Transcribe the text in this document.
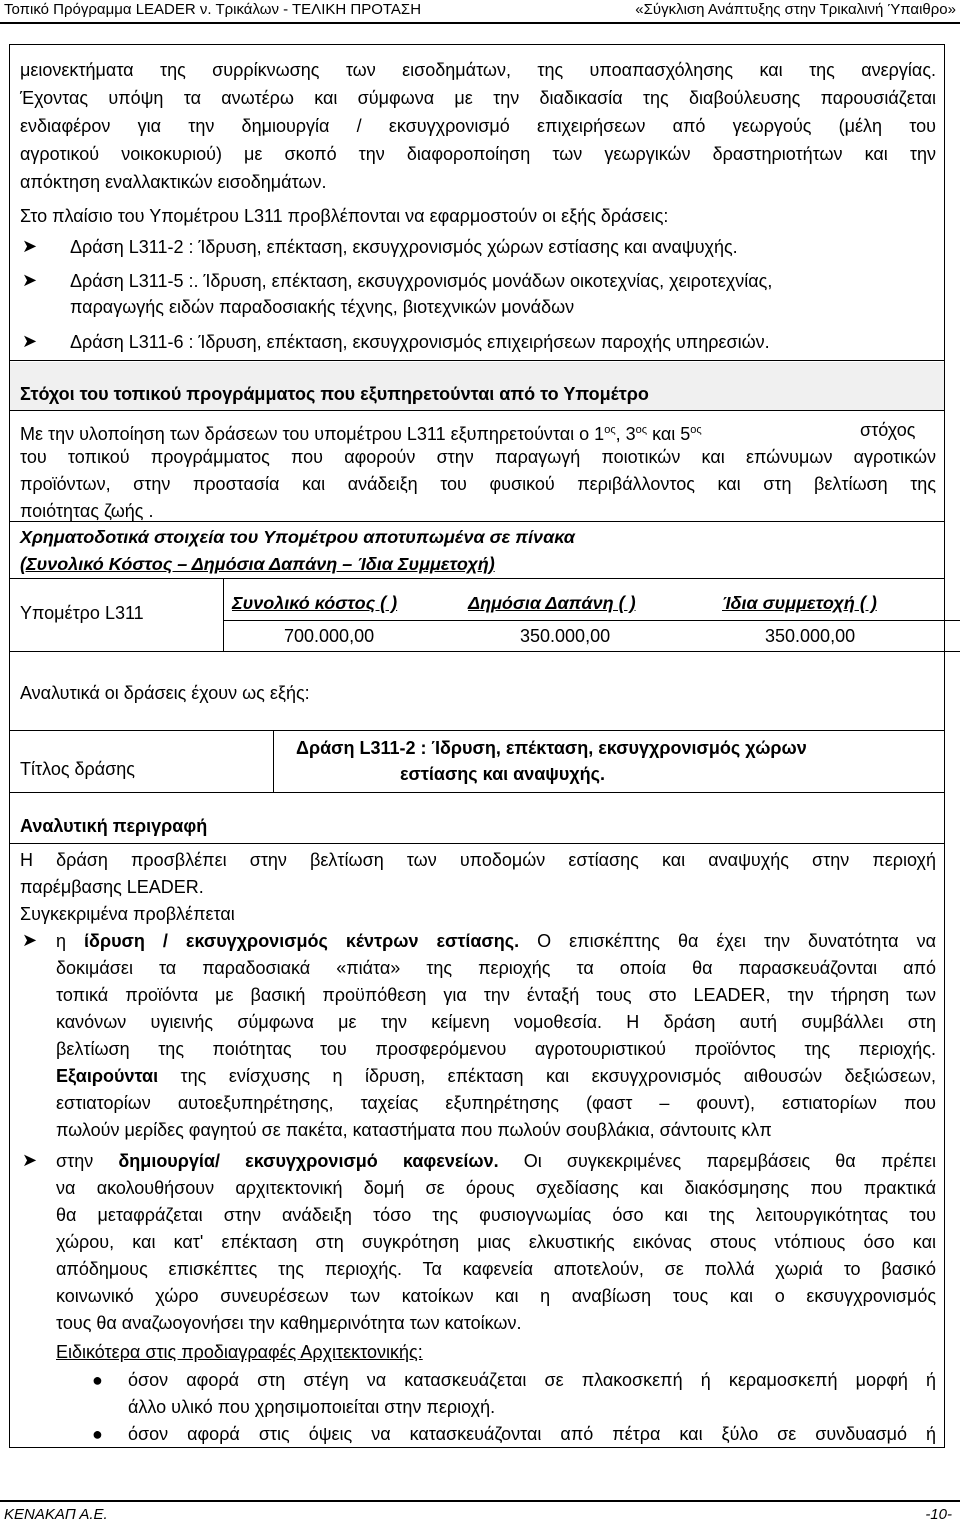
Τοπικό Πρόγραμμα LEADER ν. Τρικάλων - ΤΕΛΙΚΗ ΠΡΟΤΑΣΗ	«Σύγκλιση Ανάπτυξης στην Τρικαλινή Ύπαιθρο»
μειονεκτήματα της συρρίκνωσης των εισοδημάτων, της υποαπασχόλησης και της ανεργίας.
Έχοντας υπόψη τα ανωτέρω και σύμφωνα με την διαδικασία της διαβούλευσης παρουσιάζεται
ενδιαφέρον για την δημιουργία / εκσυγχρονισμό επιχειρήσεων από γεωργούς (μέλη του
αγροτικού νοικοκυριού) με σκοπό την διαφοροποίηση των γεωργικών δραστηριοτήτων και την
απόκτηση εναλλακτικών εισοδημάτων.
Στο πλαίσιο του Υπομέτρου L311 προβλέπονται να εφαρμοστούν οι εξής δράσεις:
➤ Δράση L311-2 : Ίδρυση, επέκταση, εκσυγχρονισμός χώρων εστίασης και αναψυχής.
➤ Δράση L311-5 :. Ίδρυση, επέκταση, εκσυγχρονισμός μονάδων οικοτεχνίας, χειροτεχνίας,
παραγωγής ειδών παραδοσιακής τέχνης, βιοτεχνικών μονάδων
➤ Δράση L311-6 : Ίδρυση, επέκταση, εκσυγχρονισμός επιχειρήσεων παροχής υπηρεσιών.
Στόχοι του τοπικού προγράμματος που εξυπηρετούνται από το Υπομέτρο
Με την υλοποίηση των δράσεων του υπομέτρου L311 εξυπηρετούνται ο $1^{o\varsigma}$, $3^{o\varsigma}$ και $5^{o\varsigma}$	στόχος
του τοπικού προγράμματος που αφορούν στην παραγωγή ποιοτικών και επώνυμων αγροτικών
προϊόντων, στην προστασία και ανάδειξη του φυσικού περιβάλλοντος και στη βελτίωση της
ποιότητας ζωής .
Χρηματοδοτικά στοιχεία του Υπομέτρου αποτυπωμένα σε πίνακα
(Συνολικό Κόστος – Δημόσια Δαπάνη – Ίδια Συμμετοχή)
Υπομέτρο L311	Συνολικό κόστος ( )	Δημόσια Δαπάνη ( )	Ίδια συμμετοχή ( )
700.000,00	350.000,00	350.000,00
Αναλυτικά οι δράσεις έχουν ως εξής:
Τίτλος δράσης
Δράση L311-2 : Ίδρυση, επέκταση, εκσυγχρονισμός χώρων
εστίασης και αναψυχής.
Αναλυτική περιγραφή
Η δράση προσβλέπει στην βελτίωση των υποδομών εστίασης και αναψυχής στην περιοχή
παρέμβασης LEADER.
Συγκεκριμένα προβλέπεται
➤ η ίδρυση / εκσυγχρονισμός κέντρων εστίασης. Ο επισκέπτης θα έχει την δυνατότητα να
δοκιμάσει τα παραδοσιακά «πιάτα» της περιοχής τα οποία θα παρασκευάζονται από
τοπικά προϊόντα με βασική προϋπόθεση για την ένταξή τους στο LEADER, την τήρηση των
κανόνων υγιεινής σύμφωνα με την κείμενη νομοθεσία. Η δράση αυτή συμβάλλει στη
βελτίωση της ποιότητας του προσφερόμενου αγροτουριστικού προϊόντος της περιοχής.
Εξαιρούνται της ενίσχυσης η ίδρυση, επέκταση και εκσυγχρονισμός αιθουσών δεξιώσεων,
εστιατορίων αυτοεξυπηρέτησης, ταχείας εξυπηρέτησης (φαστ – φουντ), εστιατορίων που
πωλούν μερίδες φαγητού σε πακέτα, καταστήματα που πωλούν σουβλάκια, σάντουιτς κλπ
➤ στην δημιουργία/ εκσυγχρονισμό καφενείων. Οι συγκεκριμένες παρεμβάσεις θα πρέπει
να ακολουθήσουν αρχιτεκτονική δομή σε όρους σχεδίασης και διακόσμησης που πρακτικά
θα μεταφράζεται στην ανάδειξη τόσο της φυσιογνωμίας όσο και της λειτουργικότητας του
χώρου, και κατ' επέκταση στη συγκρότηση μιας ελκυστικής εικόνας στους ντόπιους όσο και
απόδημους επισκέπτες της περιοχής. Τα καφενεία αποτελούν, σε πολλά χωριά το βασικό
κοινωνικό χώρο συνευρέσεων των κατοίκων και η αναβίωση τους και ο εκσυγχρονισμός
τους θα αναζωογονήσει την καθημερινότητα των κατοίκων.
Ειδικότερα στις προδιαγραφές Αρχιτεκτονικής:
● όσον αφορά στη στέγη να κατασκευάζεται σε πλακοσκεπή ή κεραμοσκεπή μορφή ή
άλλο υλικό που χρησιμοποιείται στην περιοχή.
● όσον αφορά στις όψεις να κατασκευάζονται από πέτρα και ξύλο σε συνδυασμό ή
ΚΕΝΑΚΑΠ Α.Ε.	-10-
